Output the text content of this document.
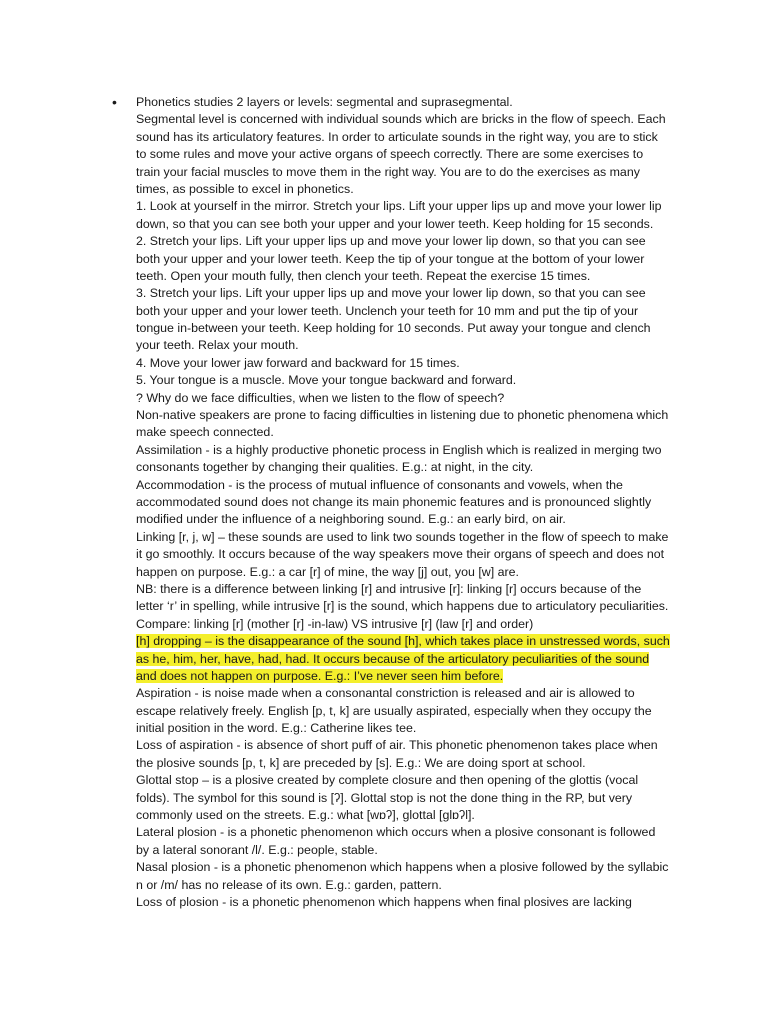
• Phonetics studies 2 layers or levels: segmental and suprasegmental.
Segmental level is concerned with individual sounds which are bricks in the flow of speech. Each
sound has its articulatory features. In order to articulate sounds in the right way, you are to stick
to some rules and move your active organs of speech correctly. There are some exercises to
train your facial muscles to move them in the right way. You are to do the exercises as many
times, as possible to excel in phonetics.
1. Look at yourself in the mirror. Stretch your lips. Lift your upper lips up and move your lower lip
down, so that you can see both your upper and your lower teeth. Keep holding for 15 seconds.
2. Stretch your lips. Lift your upper lips up and move your lower lip down, so that you can see
both your upper and your lower teeth. Keep the tip of your tongue at the bottom of your lower
teeth. Open your mouth fully, then clench your teeth. Repeat the exercise 15 times.
3. Stretch your lips. Lift your upper lips up and move your lower lip down, so that you can see
both your upper and your lower teeth. Unclench your teeth for 10 mm and put the tip of your
tongue in-between your teeth. Keep holding for 10 seconds. Put away your tongue and clench
your teeth. Relax your mouth.
4. Move your lower jaw forward and backward for 15 times.
5. Your tongue is a muscle. Move your tongue backward and forward.
? Why do we face difficulties, when we listen to the flow of speech?
Non-native speakers are prone to facing difficulties in listening due to phonetic phenomena which
make speech connected.
Assimilation - is a highly productive phonetic process in English which is realized in merging two
consonants together by changing their qualities. E.g.: at night, in the city.
Accommodation - is the process of mutual influence of consonants and vowels, when the
accommodated sound does not change its main phonemic features and is pronounced slightly
modified under the influence of a neighboring sound. E.g.: an early bird, on air.
Linking [r, j, w] – these sounds are used to link two sounds together in the flow of speech to make
it go smoothly. It occurs because of the way speakers move their organs of speech and does not
happen on purpose. E.g.: a car [r] of mine, the way [j] out, you [w] are.
NB: there is a difference between linking [r] and intrusive [r]: linking [r] occurs because of the
letter ‘r’ in spelling, while intrusive [r] is the sound, which happens due to articulatory peculiarities.
Compare: linking [r] (mother [r] -in-law) VS intrusive [r] (law [r] and order)
[h] dropping – is the disappearance of the sound [h], which takes place in unstressed words, such
as he, him, her, have, had, had. It occurs because of the articulatory peculiarities of the sound
and does not happen on purpose. E.g.: I’ve never seen him before.
Aspiration - is noise made when a consonantal constriction is released and air is allowed to
escape relatively freely. English [p, t, k] are usually aspirated, especially when they occupy the
initial position in the word. E.g.: Catherine likes tee.
Loss of aspiration - is absence of short puff of air. This phonetic phenomenon takes place when
the plosive sounds [p, t, k] are preceded by [s]. E.g.: We are doing sport at school.
Glottal stop – is a plosive created by complete closure and then opening of the glottis (vocal
folds). The symbol for this sound is [ʔ]. Glottal stop is not the done thing in the RP, but very
commonly used on the streets. E.g.: what [wɒʔ], glottal [glɒʔl].
Lateral plosion - is a phonetic phenomenon which occurs when a plosive consonant is followed
by a lateral sonorant /l/. E.g.: people, stable.
Nasal plosion - is a phonetic phenomenon which happens when a plosive followed by the syllabic
n or /m/ has no release of its own. E.g.: garden, pattern.
Loss of plosion - is a phonetic phenomenon which happens when final plosives are lacking
